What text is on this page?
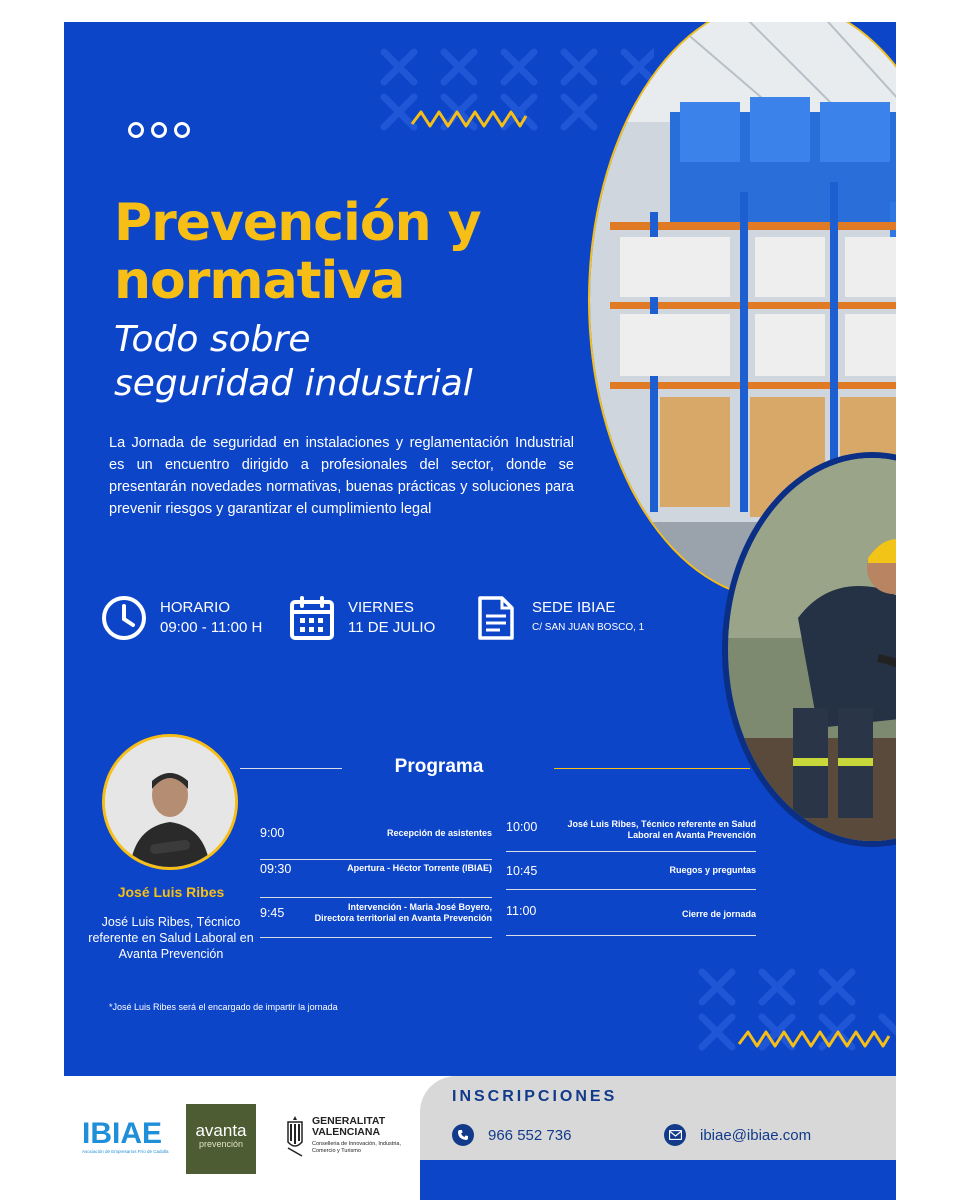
Prevención y
normativa
Todo sobre
seguridad industrial

La Jornada de seguridad en instalaciones y reglamentación Industrial es un encuentro dirigido a profesionales del sector, donde se presentarán novedades normativas, buenas prácticas y soluciones para prevenir riesgos y garantizar el cumplimiento legal

HORARIO
09:00 - 11:00 H
VIERNES
11 DE JULIO
SEDE IBIAE
C/ SAN JUAN BOSCO, 1
José Luis Ribes
José Luis Ribes, Técnico referente en Salud Laboral en Avanta Prevención
Programa
9:00	Recepción de asistentes
09:30	Apertura - Héctor Torrente (IBIAE)
9:45	Intervención - Maria José Boyero, Directora territorial en Avanta Prevención
10:00	José Luis Ribes, Técnico referente en Salud Laboral en Avanta Prevención
10:45	Ruegos y preguntas
11:00	Cierre de jornada
*José Luis Ribes será el encargado de impartir la jornada
INSCRIPCIONES
966 552 736	ibiae@ibiae.com
IBIAE
Asociación de Empresarios Frío de Cadolla
avanta
prevención
GENERALITAT
VALENCIANA
Conselleria de Innovación, Industria, Comercio y Turismo
